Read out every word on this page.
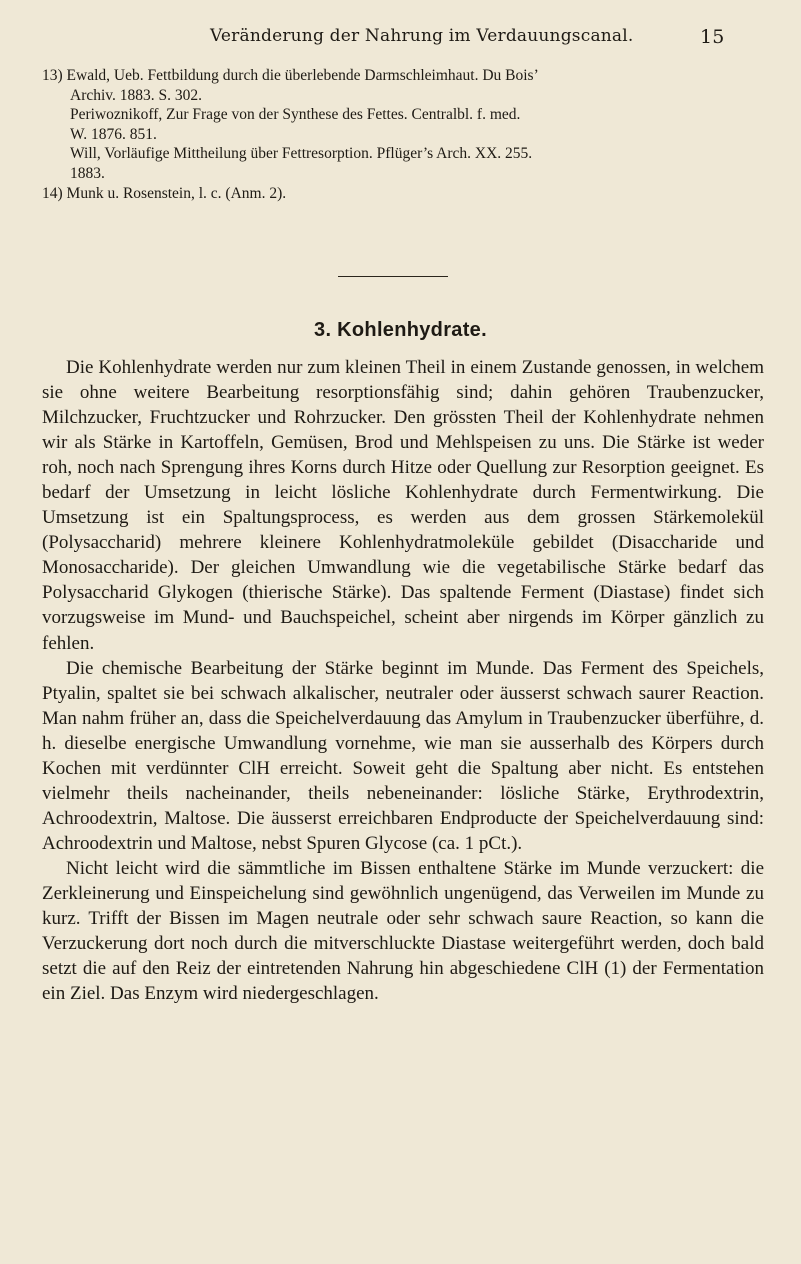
Veränderung der Nahrung im Verdauungscanal.	15
13) Ewald, Ueb. Fettbildung durch die überlebende Darmschleimhaut. Du Bois’
Archiv. 1883. S. 302.
Periwoznikoff, Zur Frage von der Synthese des Fettes. Centralbl. f. med.
W. 1876. 851.
Will, Vorläufige Mittheilung über Fettresorption. Pflüger’s Arch. XX. 255.
1883.
14) Munk u. Rosenstein, l. c. (Anm. 2).
3. Kohlenhydrate.

Die Kohlenhydrate werden nur zum kleinen Theil in einem Zustande genossen, in welchem sie ohne weitere Bearbeitung resorptionsfähig sind; dahin gehören Traubenzucker, Milchzucker, Fruchtzucker und Rohrzucker. Den grössten Theil der Kohlenhydrate nehmen wir als Stärke in Kartoffeln, Gemüsen, Brod und Mehlspeisen zu uns. Die Stärke ist weder roh, noch nach Sprengung ihres Korns durch Hitze oder Quellung zur Resorption geeignet. Es bedarf der Umsetzung in leicht lösliche Kohlenhydrate durch Fermentwirkung. Die Umsetzung ist ein Spaltungsprocess, es werden aus dem grossen Stärkemolekül (Polysaccharid) mehrere kleinere Kohlenhydratmoleküle gebildet (Disaccharide und Monosaccharide). Der gleichen Umwandlung wie die vegetabilische Stärke bedarf das Polysaccharid Glykogen (thierische Stärke). Das spaltende Ferment (Diastase) findet sich vorzugsweise im Mund- und Bauchspeichel, scheint aber nirgends im Körper gänzlich zu fehlen.

Die chemische Bearbeitung der Stärke beginnt im Munde. Das Ferment des Speichels, Ptyalin, spaltet sie bei schwach alkalischer, neutraler oder äusserst schwach saurer Reaction. Man nahm früher an, dass die Speichelverdauung das Amylum in Traubenzucker überführe, d. h. dieselbe energische Umwandlung vornehme, wie man sie ausserhalb des Körpers durch Kochen mit verdünnter ClH erreicht. Soweit geht die Spaltung aber nicht. Es entstehen vielmehr theils nacheinander, theils nebeneinander: lösliche Stärke, Erythrodextrin, Achroodextrin, Maltose. Die äusserst erreichbaren Endproducte der Speichelverdauung sind: Achroodextrin und Maltose, nebst Spuren Glycose (ca. 1 pCt.).

Nicht leicht wird die sämmtliche im Bissen enthaltene Stärke im Munde verzuckert: die Zerkleinerung und Einspeichelung sind gewöhnlich ungenügend, das Verweilen im Munde zu kurz. Trifft der Bissen im Magen neutrale oder sehr schwach saure Reaction, so kann die Verzuckerung dort noch durch die mitverschluckte Diastase weitergeführt werden, doch bald setzt die auf den Reiz der eintretenden Nahrung hin abgeschiedene ClH (1) der Fermentation ein Ziel. Das Enzym wird niedergeschlagen.
